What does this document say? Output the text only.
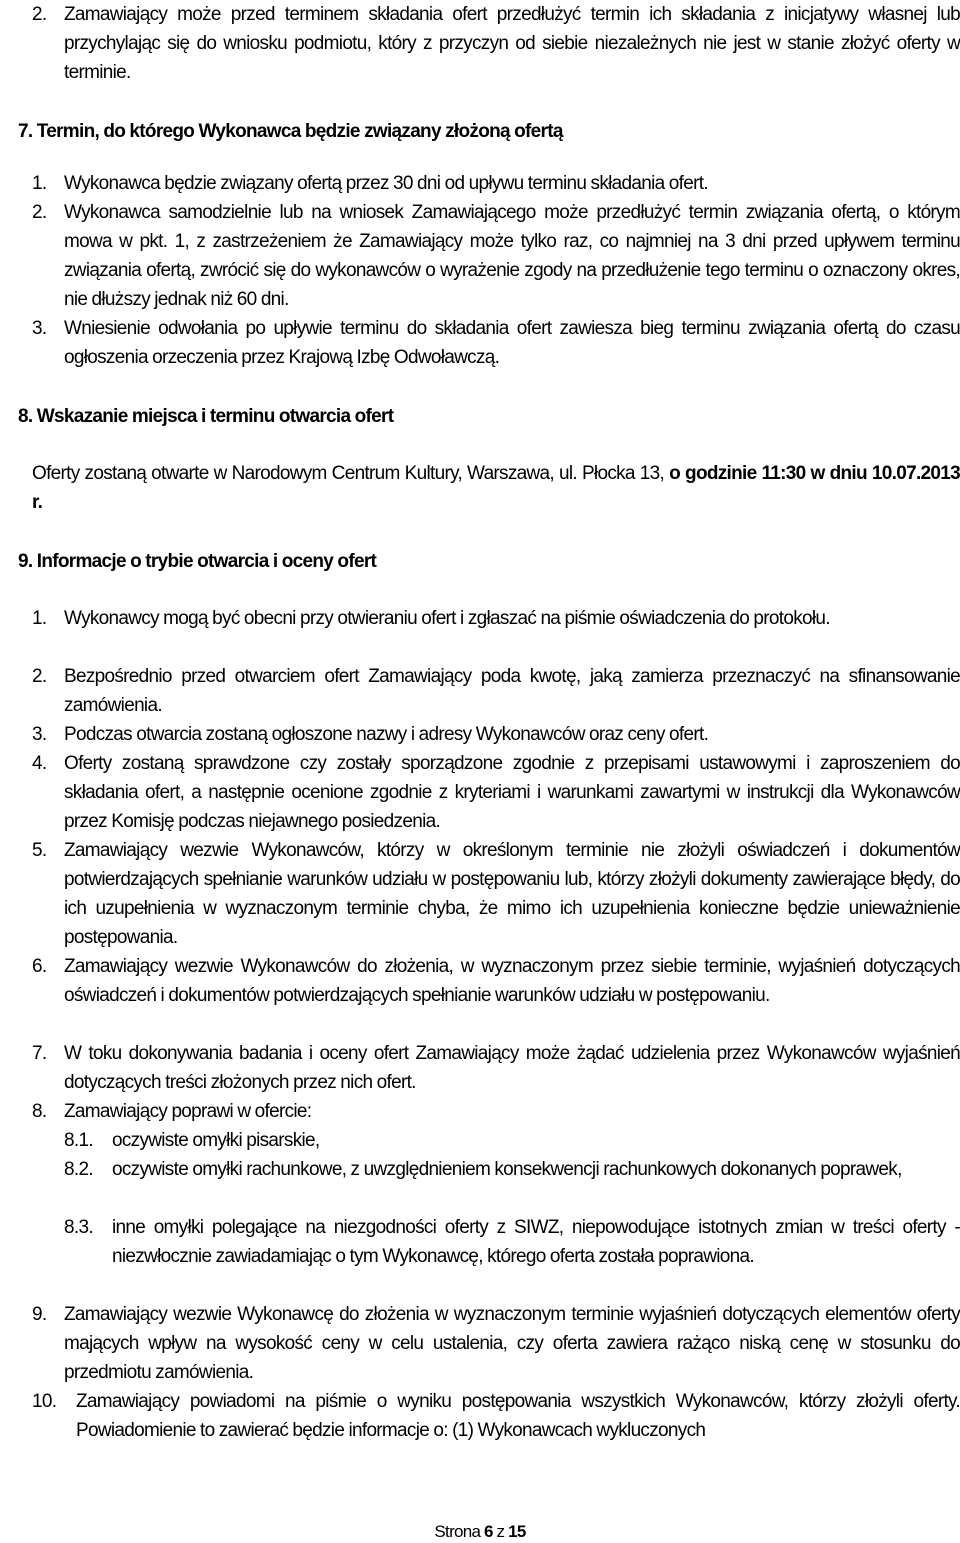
2. Zamawiający może przed terminem składania ofert przedłużyć termin ich składania z inicjatywy własnej lub przychylając się do wniosku podmiotu, który z przyczyn od siebie niezależnych nie jest w stanie złożyć oferty w terminie.

7. Termin, do którego Wykonawca będzie związany złożoną ofertą
1. Wykonawca będzie związany ofertą przez 30 dni od upływu terminu składania ofert.

2. Wykonawca samodzielnie lub na wniosek Zamawiającego może przedłużyć termin związania ofertą, o którym mowa w pkt. 1, z zastrzeżeniem że Zamawiający może tylko raz, co najmniej na 3 dni przed upływem terminu związania ofertą, zwrócić się do wykonawców o wyrażenie zgody na przedłużenie tego terminu o oznaczony okres, nie dłuższy jednak niż 60 dni.

3. Wniesienie odwołania po upływie terminu do składania ofert zawiesza bieg terminu związania ofertą do czasu ogłoszenia orzeczenia przez Krajową Izbę Odwoławczą.

8. Wskazanie miejsca i terminu otwarcia ofert

Oferty zostaną otwarte w Narodowym Centrum Kultury, Warszawa, ul. Płocka 13, o godzinie 11:30 w dniu 10.07.2013 r.

9. Informacje o trybie otwarcia i oceny ofert
1. Wykonawcy mogą być obecni przy otwieraniu ofert i zgłaszać na piśmie oświadczenia do protokołu.

2. Bezpośrednio przed otwarciem ofert Zamawiający poda kwotę, jaką zamierza przeznaczyć na sfinansowanie zamówienia.

3. Podczas otwarcia zostaną ogłoszone nazwy i adresy Wykonawców oraz ceny ofert.

4. Oferty zostaną sprawdzone czy zostały sporządzone zgodnie z przepisami ustawowymi i zaproszeniem do składania ofert, a następnie ocenione zgodnie z kryteriami i warunkami zawartymi w instrukcji dla Wykonawców przez Komisję podczas niejawnego posiedzenia.

5. Zamawiający wezwie Wykonawców, którzy w określonym terminie nie złożyli oświadczeń i dokumentów potwierdzających spełnianie warunków udziału w postępowaniu lub, którzy złożyli dokumenty zawierające błędy, do ich uzupełnienia w wyznaczonym terminie chyba, że mimo ich uzupełnienia konieczne będzie unieważnienie postępowania.

6. Zamawiający wezwie Wykonawców do złożenia, w wyznaczonym przez siebie terminie, wyjaśnień dotyczących oświadczeń i dokumentów potwierdzających spełnianie warunków udziału w postępowaniu.

7. W toku dokonywania badania i oceny ofert Zamawiający może żądać udzielenia przez Wykonawców wyjaśnień dotyczących treści złożonych przez nich ofert.

8. Zamawiający poprawi w ofercie:

8.1. oczywiste omyłki pisarskie,

8.2. oczywiste omyłki rachunkowe, z uwzględnieniem konsekwencji rachunkowych dokonanych poprawek,

8.3. inne omyłki polegające na niezgodności oferty z SIWZ, niepowodujące istotnych zmian w treści oferty - niezwłocznie zawiadamiając o tym Wykonawcę, którego oferta została poprawiona.

9. Zamawiający wezwie Wykonawcę do złożenia w wyznaczonym terminie wyjaśnień dotyczących elementów oferty mających wpływ na wysokość ceny w celu ustalenia, czy oferta zawiera rażąco niską cenę w stosunku do przedmiotu zamówienia.

10. Zamawiający powiadomi na piśmie o wyniku postępowania wszystkich Wykonawców, którzy złożyli oferty. Powiadomienie to zawierać będzie informacje o: (1) Wykonawcach wykluczonych

Strona 6 z 15
